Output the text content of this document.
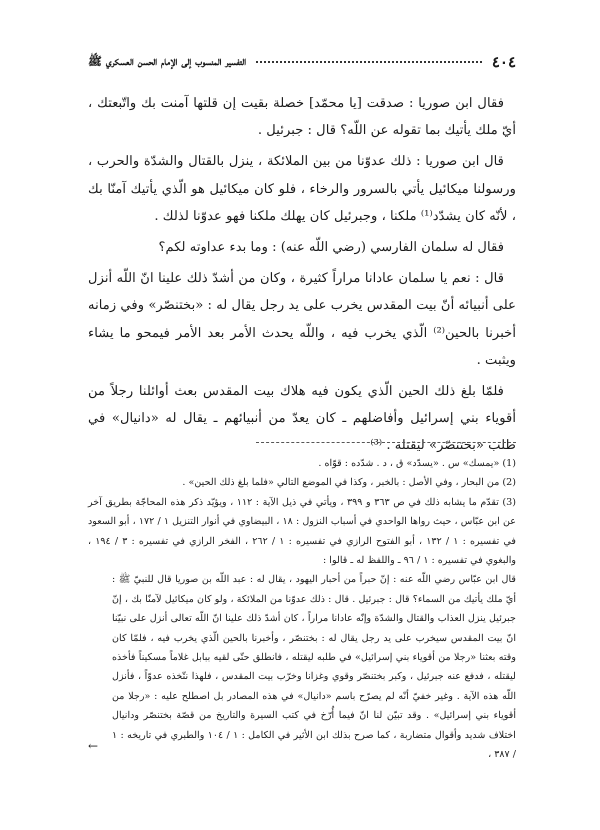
٤٠٤
التفسير المنسوب إلى الإمام الحسن العسكري ﷺ

فقال ابن صوريا : صدقت [يا محمّد] خصلة بقيت إن قلتها آمنت بك واتّبعتك ، أيّ ملك يأتيك بما تقوله عن اللّه؟ قال : جبرئيل .

قال ابن صوريا : ذلك عدوّنا من بين الملائكة ، ينزل بالقتال والشدّة والحرب ، ورسولنا ميكائيل يأتي بالسرور والرخاء ، فلو كان ميكائيل هو الّذي يأتيك آمنّا بك ، لأنّه كان يشدّد⁽¹⁾ ملكنا ، وجبرئيل كان يهلك ملكنا فهو عدوّنا لذلك .

فقال له سلمان الفارسي (رضي اللّه عنه) : وما بدء عداوته لكم؟

قال : نعم يا سلمان عادانا مراراً كثيرة ، وكان من أشدّ ذلك علينا انّ اللّه أنزل على أنبيائه أنّ بيت المقدس يخرب على يد رجل يقال له : «بختنصّر» وفي زمانه أخبرنا بالحين⁽²⁾ الّذي يخرب فيه ، واللّه يحدث الأمر بعد الأمر فيمحو ما يشاء ويثبت .

فلمّا بلغ ذلك الحين الّذي يكون فيه هلاك بيت المقدس بعث أوائلنا رجلاً من أقوياء بني إسرائيل وأفاضلهم ـ كان يعدّ من أنبيائهم ـ يقال له «دانيال» في طلب «بختنصّر» ليقتله . ⁽³⁾

(1) «يمسك» س . «يسدّد» ق ، د . شدّده : قوّاه .

(2) من البحار ، وفي الأصل : بالخبر ، وكذا في الموضع التالي «فلما بلغ ذلك الحين» .

(3) تقدّم ما يشابه ذلك في ص ٣٦٣ و ٣٩٩ ، ويأتي في ذيل الآية : ١١٢ ، ويؤيّد ذكر هذه المحاجّة بطريق آخر عن ابن عبّاس ، حيث رواها الواحدي في أسباب النزول : ١٨ ، البيضاوي في أنوار التنزيل ١ / ١٧٢ ، أبو السعود في تفسيره : ١ / ١٣٢ ، أبو الفتوح الرازي في تفسيره : ١ / ٢٦٢ ، الفخر الرازي في تفسيره : ٣ / ١٩٤ ، والبغوي في تفسيره : ١ / ٩٦ ـ واللفظ له ـ قالوا :

قال ابن عبّاس رضي اللّه عنه : إنّ حبراً من أحبار اليهود ، يقال له : عبد اللّه بن صوريا قال للنبيّ ﷺ : أيّ ملك يأتيك من السماء؟ قال : جبرئيل . قال : ذلك عدوّنا من الملائكة ، ولو كان ميكائيل لآمنّا بك ، إنّ جبرئيل ينزل العذاب والقتال والشدّة وإنّه عادانا مراراً ، كان أشدّ ذلك علينا انّ اللّه تعالى أنزل على نبيّنا انّ بيت المقدس سيخرب على يد رجل يقال له : بختنصّر ، وأخبرنا بالحين الّذي يخرب فيه ، فلمّا كان وقته بعثنا «رجلا من أقوياء بني إسرائيل» في طلبه ليقتله ، فانطلق حتّى لقيه ببابل غلاماً مسكيناً فأخذه ليقتله ، فدفع عنه جبرئيل ، وكبر بختنصّر وقوي وغزانا وخرّب بيت المقدس ، فلهذا نتّخذه عدوّاً ، فأنزل اللّه هذه الآية . وغير خفيّ أنّه لم يصرّح باسم «دانيال» في هذه المصادر بل اصطلح عليه : «رجلا من أقوياء بني إسرائيل» . وقد تبيّن لنا انّ فيما أُرّخ في كتب السيرة والتاريخ من قصّة بختنصّر ودانيال اختلاف شديد وأقوال متضاربة ، كما صرح بذلك ابن الأثير في الكامل : ١ / ١٠٤ والطبري في تاريخه : ١ / ٣٨٧ ،

←
